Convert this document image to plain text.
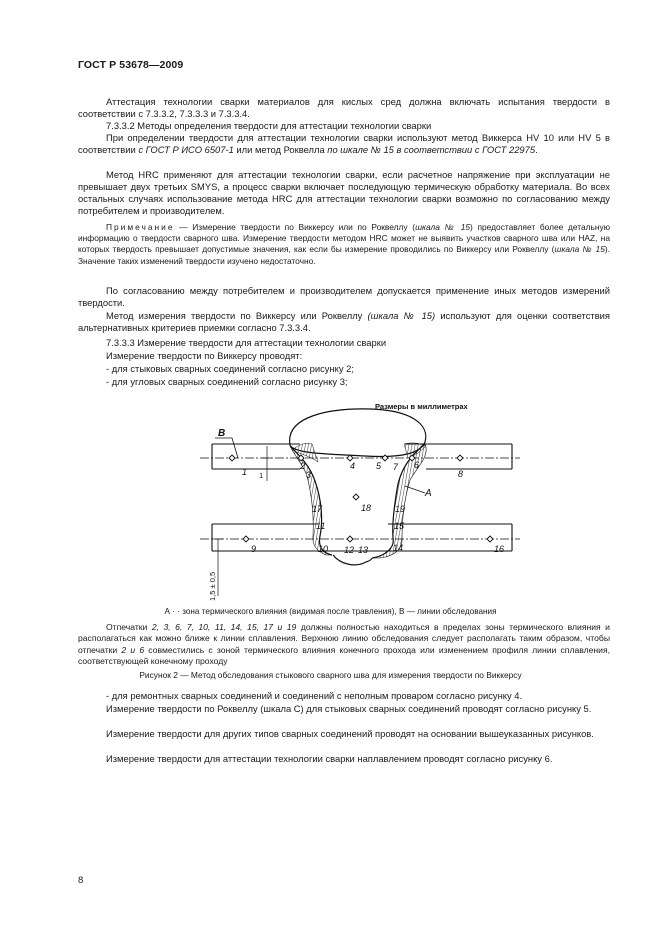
ГОСТ Р 53678—2009

Аттестация технологии сварки материалов для кислых сред должна включать испытания твердости в соответствии с 7.3.3.2, 7.3.3.3 и 7.3.3.4.

7.3.3.2 Методы определения твердости для аттестации технологии сварки

При определении твердости для аттестации технологии сварки используют метод Виккерса HV 10 или HV 5 в соответствии с ГОСТ Р ИСО 6507-1 или метод Роквелла по шкале № 15 в соответствии с ГОСТ 22975.

Метод HRC применяют для аттестации технологии сварки, если расчетное напряжение при эксплуатации не превышает двух третьих SMYS, а процесс сварки включает последующую термическую обработку материала. Во всех остальных случаях использование метода HRC для аттестации технологии сварки возможно по согласованию между потребителем и производителем.

Примечание — Измерение твердости по Виккерсу или по Роквеллу (шкала № 15) предоставляет более детальную информацию о твердости сварного шва. Измерение твердости методом HRC может не выявить участков сварного шва или HAZ, на которых твердость превышает допустимые значения, как если бы измерение проводились по Виккерсу или Роквеллу (шкала № 15). Значение таких изменений твердости изучено недостаточно.

По согласованию между потребителем и производителем допускается применение иных методов измерений твердости.

Метод измерения твердости по Виккерсу или Роквеллу (шкала № 15) используют для оценки соответствия альтернативных критериев приемки согласно 7.3.3.4.

7.3.3.3 Измерение твердости для аттестации технологии сварки

Измерение твердости по Виккерсу проводят:

- для стыковых сварных соединений согласно рисунку 2;

- для угловых сварных соединений согласно рисунку 3;

Размеры в миллиметрах
B
A
1
1,5 ± 0,5
1
2
3
4 5	6
7
8
9	10
11
12 13	14
15
16
17	18	19
А · · зона термического влияния (видимая после травления), В — линии обследования

Отпечатки 2, 3, 6, 7, 10, 11, 14, 15, 17 и 19 должны полностью находиться в пределах зоны термического влияния и располагаться как можно ближе к линии сплавления. Верхнюю линию обследования следует располагать таким образом, чтобы отпечатки 2 и 6 совместились с зоной термического влияния конечного прохода или изменением профиля линии сплавления, соответствующей конечному проходу

Рисунок 2 — Метод обследования стыкового сварного шва для измерения твердости по Виккерсу

- для ремонтных сварных соединений и соединений с неполным проваром согласно рисунку 4.

Измерение твердости по Роквеллу (шкала С) для стыковых сварных соединений проводят согласно рисунку 5.

Измерение твердости для других типов сварных соединений проводят на основании вышеуказанных рисунков.

Измерение твердости для аттестации технологии сварки наплавлением проводят согласно рисунку 6.

8
